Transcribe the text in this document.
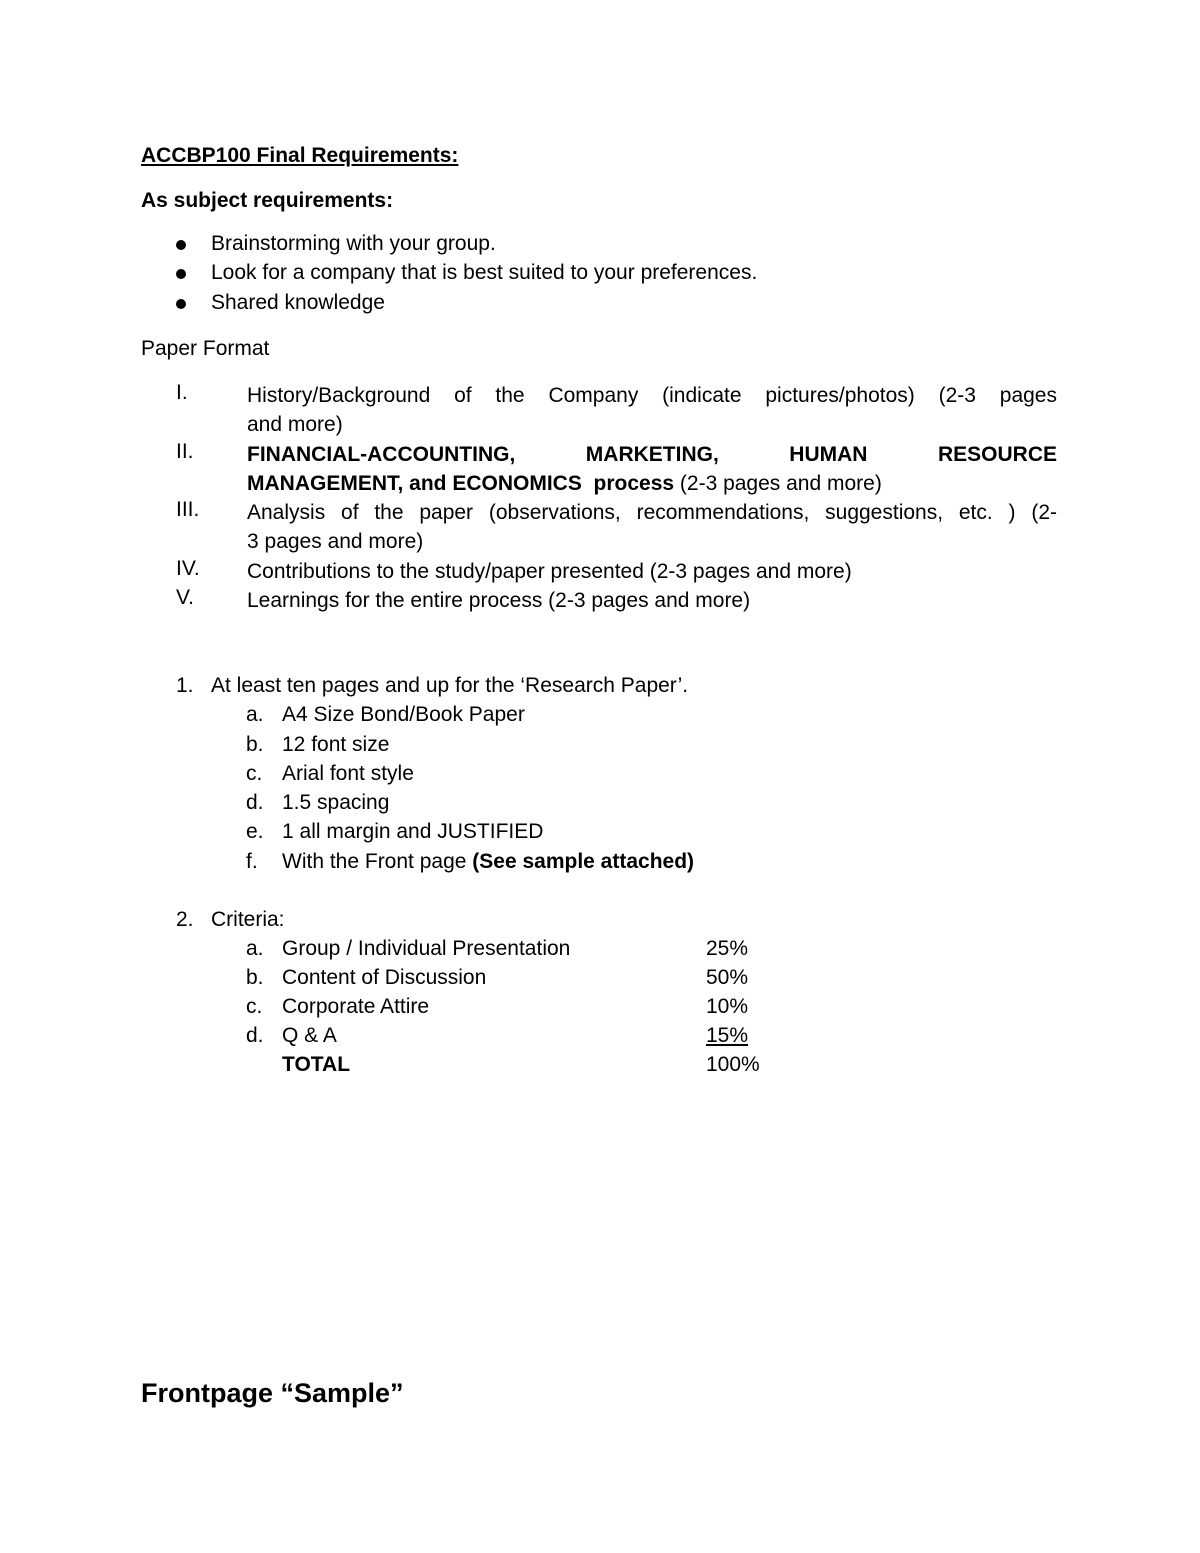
ACCBP100 Final Requirements:
As subject requirements:
Brainstorming with your group.
Look for a company that is best suited to your preferences.
Shared knowledge
Paper Format
I.	History/Background of the Company (indicate pictures/photos) (2-3 pages
and more)
II.	FINANCIAL-ACCOUNTING, MARKETING, HUMAN RESOURCE
MANAGEMENT, and ECONOMICS  process (2-3 pages and more)
III. Analysis of the paper (observations, recommendations, suggestions, etc. ) (2-
3 pages and more)
IV. Contributions to the study/paper presented (2-3 pages and more)
V.	Learnings for the entire process (2-3 pages and more)
1. At least ten pages and up for the ‘Research Paper’.
a. A4 Size Bond/Book Paper
b. 12 font size
c. Arial font style
d. 1.5 spacing
e. 1 all margin and JUSTIFIED
f. With the Front page (See sample attached)
2. Criteria:
a. Group / Individual Presentation	25%
b. Content of Discussion	50%
c. Corporate Attire	10%
d. Q & A	15%
TOTAL	100%
Frontpage “Sample”
